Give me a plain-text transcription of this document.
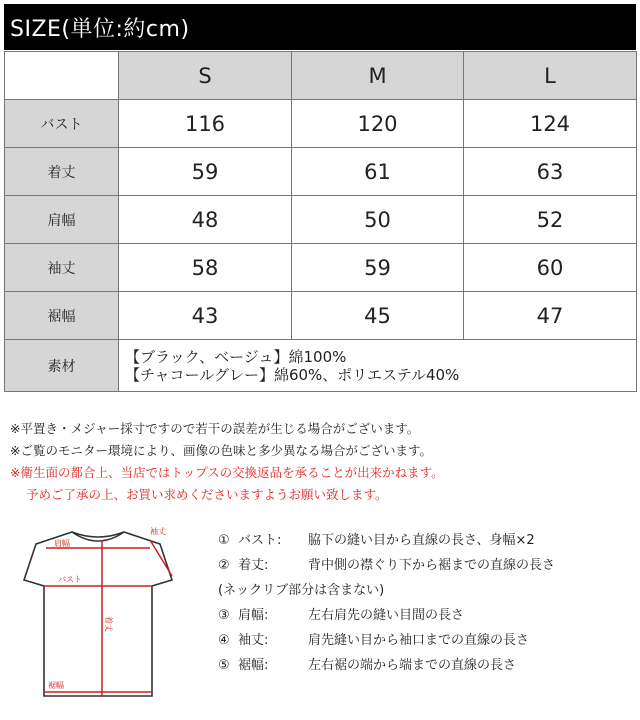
SIZE(単位:約cm)
	S	M	L
バスト	116	120	124
着丈	59	61	63
肩幅	48	50	52
袖丈	58	59	60
裾幅	43	45	47
素材	【ブラック、ベージュ】綿100%
【チャコールグレー】綿60%、ポリエステル40%		
※平置き・メジャー採寸ですので若干の誤差が生じる場合がございます。
※ご覧のモニター環境により、画像の色味と多少異なる場合がございます。
※衛生面の都合上、当店ではトップスの交換返品を承ることが出来かねます。
予めご了承の上、お買い求めくださいますようお願い致します。
肩幅
袖丈
バスト
着丈
裾幅
① バスト: 脇下の縫い目から直線の長さ、身幅×2
② 着丈:	背中側の襟ぐり下から裾までの直線の長さ
(ネックリブ部分は含まない)
③ 肩幅:	左右肩先の縫い目間の長さ
④ 袖丈:	肩先縫い目から袖口までの直線の長さ
⑤ 裾幅:	左右裾の端から端までの直線の長さ
